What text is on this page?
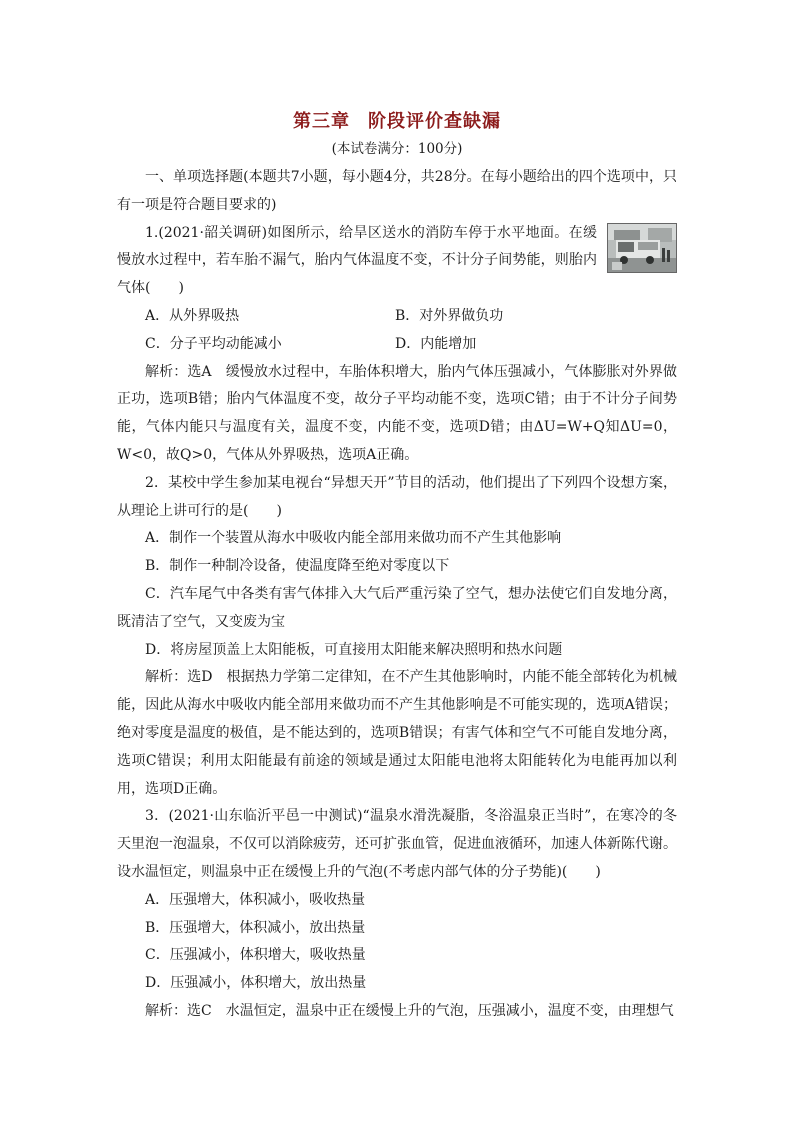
第三章 阶段评价查缺漏
(本试卷满分：100分)

一、单项选择题(本题共7小题，每小题4分，共28分。在每小题给出的四个选项中，只有一项是符合题目要求的)

1.(2021·韶关调研)如图所示，给旱区送水的消防车停于水平地面。在缓慢放水过程中，若车胎不漏气，胎内气体温度不变，不计分子间势能，则胎内气体(　　)

A．从外界吸热	B．对外界做负功

C．分子平均动能减小	D．内能增加

解析：选A　缓慢放水过程中，车胎体积增大，胎内气体压强减小，气体膨胀对外界做正功，选项B错；胎内气体温度不变，故分子平均动能不变，选项C错；由于不计分子间势能，气体内能只与温度有关，温度不变，内能不变，选项D错；由ΔU=W+Q知ΔU=0，W<0，故Q>0，气体从外界吸热，选项A正确。

2．某校中学生参加某电视台“异想天开”节目的活动，他们提出了下列四个设想方案，从理论上讲可行的是(　　)

A．制作一个装置从海水中吸收内能全部用来做功而不产生其他影响

B．制作一种制冷设备，使温度降至绝对零度以下

C．汽车尾气中各类有害气体排入大气后严重污染了空气，想办法使它们自发地分离，既清洁了空气，又变废为宝

D．将房屋顶盖上太阳能板，可直接用太阳能来解决照明和热水问题

解析：选D　根据热力学第二定律知，在不产生其他影响时，内能不能全部转化为机械能，因此从海水中吸收内能全部用来做功而不产生其他影响是不可能实现的，选项A错误；绝对零度是温度的极值，是不能达到的，选项B错误；有害气体和空气不可能自发地分离，选项C错误；利用太阳能最有前途的领域是通过太阳能电池将太阳能转化为电能再加以利用，选项D正确。

3．(2021·山东临沂平邑一中测试)“温泉水滑洗凝脂，冬浴温泉正当时”，在寒冷的冬天里泡一泡温泉，不仅可以消除疲劳，还可扩张血管，促进血液循环，加速人体新陈代谢。设水温恒定，则温泉中正在缓慢上升的气泡(不考虑内部气体的分子势能)(　　)

A．压强增大，体积减小，吸收热量

B．压强增大，体积减小，放出热量

C．压强减小，体积增大，吸收热量

D．压强减小，体积增大，放出热量

解析：选C　水温恒定，温泉中正在缓慢上升的气泡，压强减小，温度不变，由理想气
